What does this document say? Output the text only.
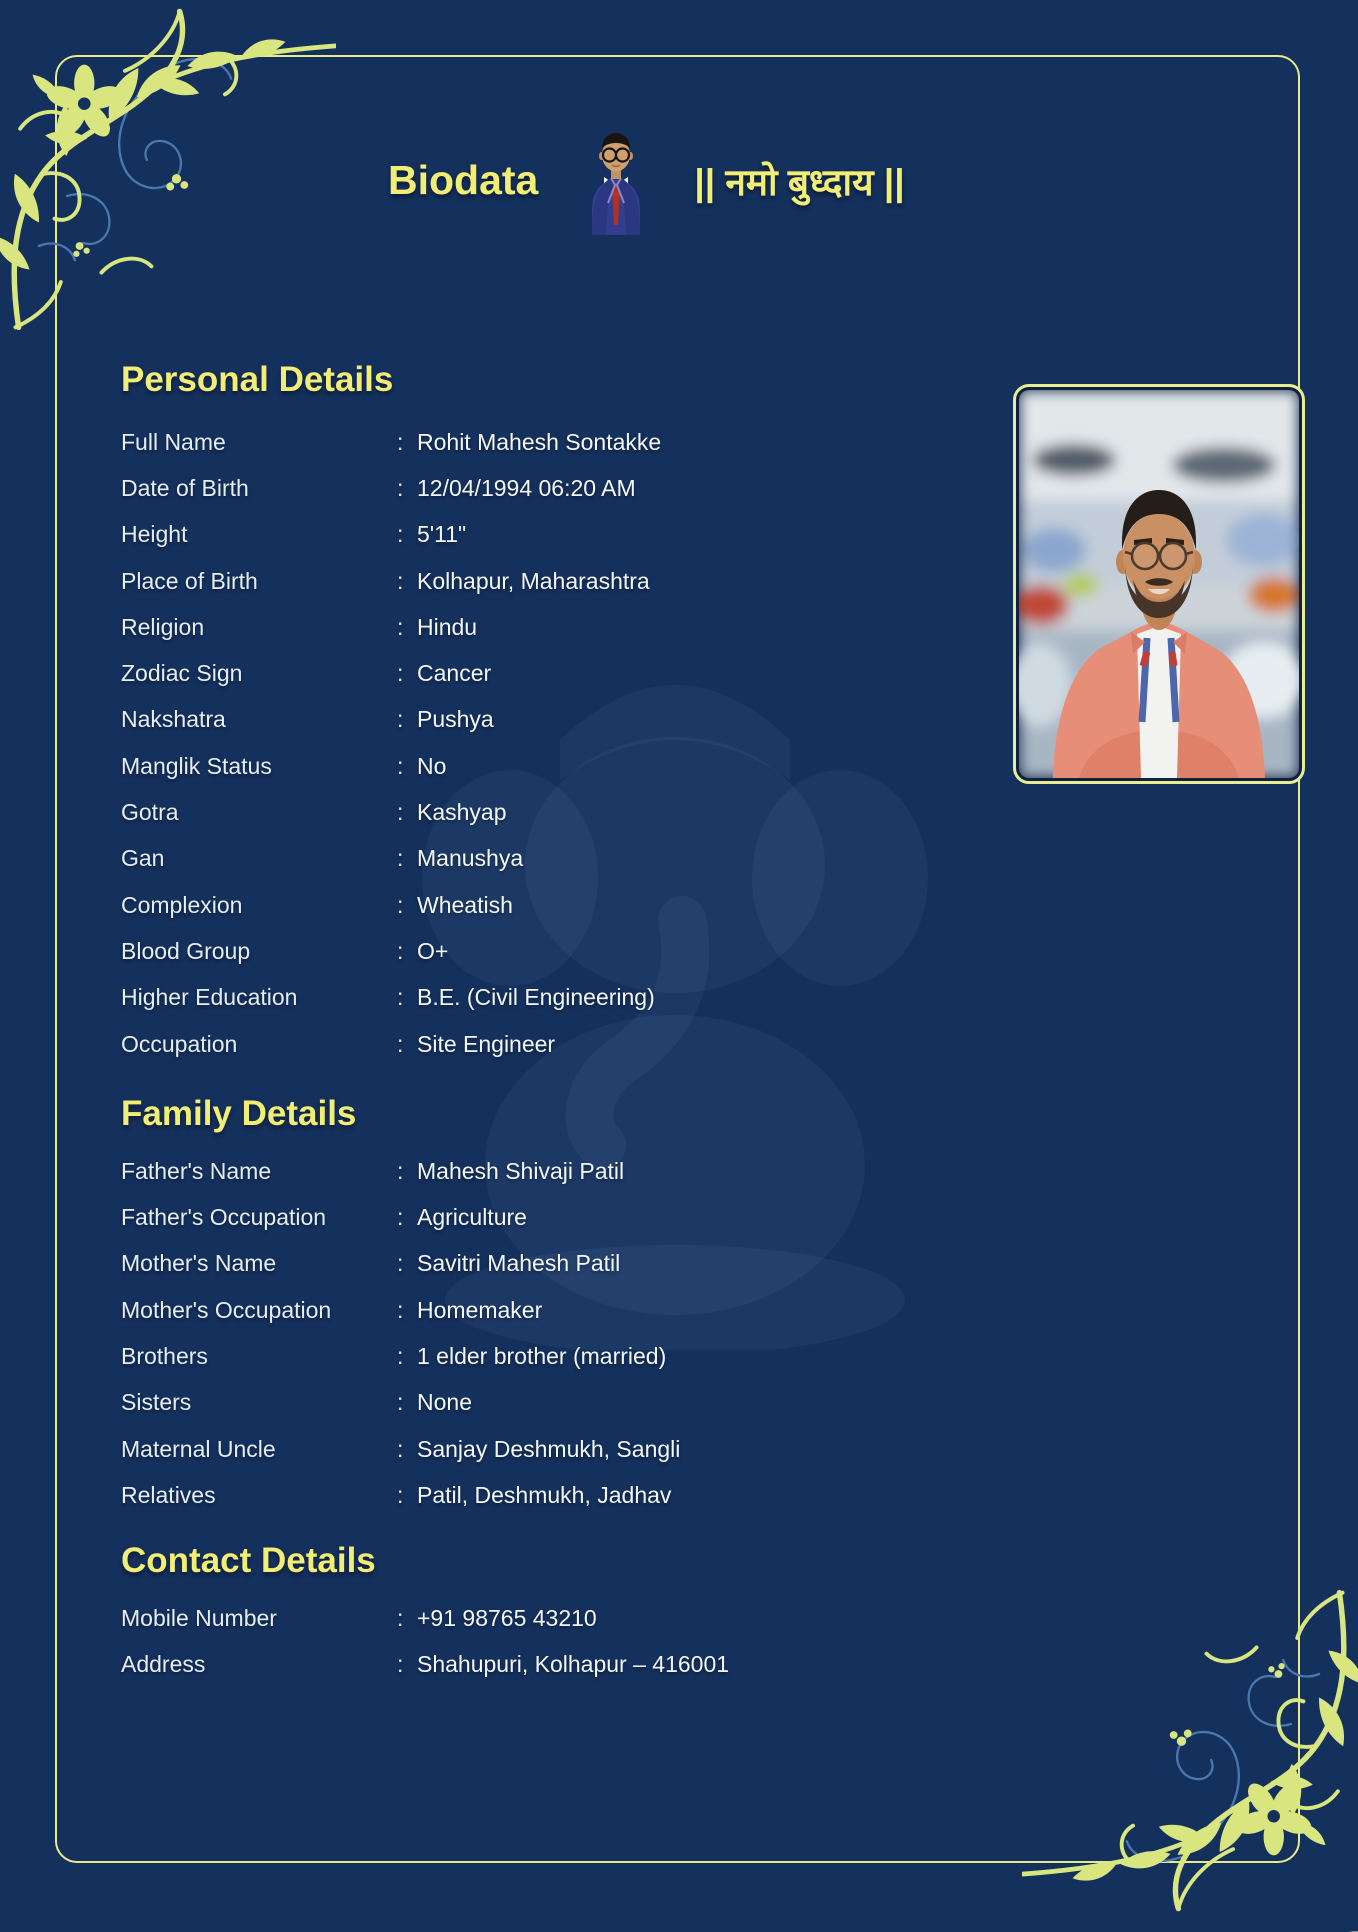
Biodata	|| नमो बुध्दाय ||
Personal Details
Full Name	: Rohit Mahesh Sontakke
Date of Birth	: 12/04/1994 06:20 AM
Height	: 5'11"
Place of Birth	: Kolhapur, Maharashtra
Religion	: Hindu
Zodiac Sign	: Cancer
Nakshatra	: Pushya
Manglik Status	: No
Gotra	: Kashyap
Gan	: Manushya
Complexion	: Wheatish
Blood Group	: O+
Higher Education	: B.E. (Civil Engineering)
Occupation	: Site Engineer
Family Details
Father's Name	: Mahesh Shivaji Patil
Father's Occupation	: Agriculture
Mother's Name	: Savitri Mahesh Patil
Mother's Occupation	: Homemaker
Brothers	: 1 elder brother (married)
Sisters	: None
Maternal Uncle	: Sanjay Deshmukh, Sangli
Relatives	: Patil, Deshmukh, Jadhav
Contact Details
Mobile Number	: +91 98765 43210
Address	: Shahupuri, Kolhapur – 416001
